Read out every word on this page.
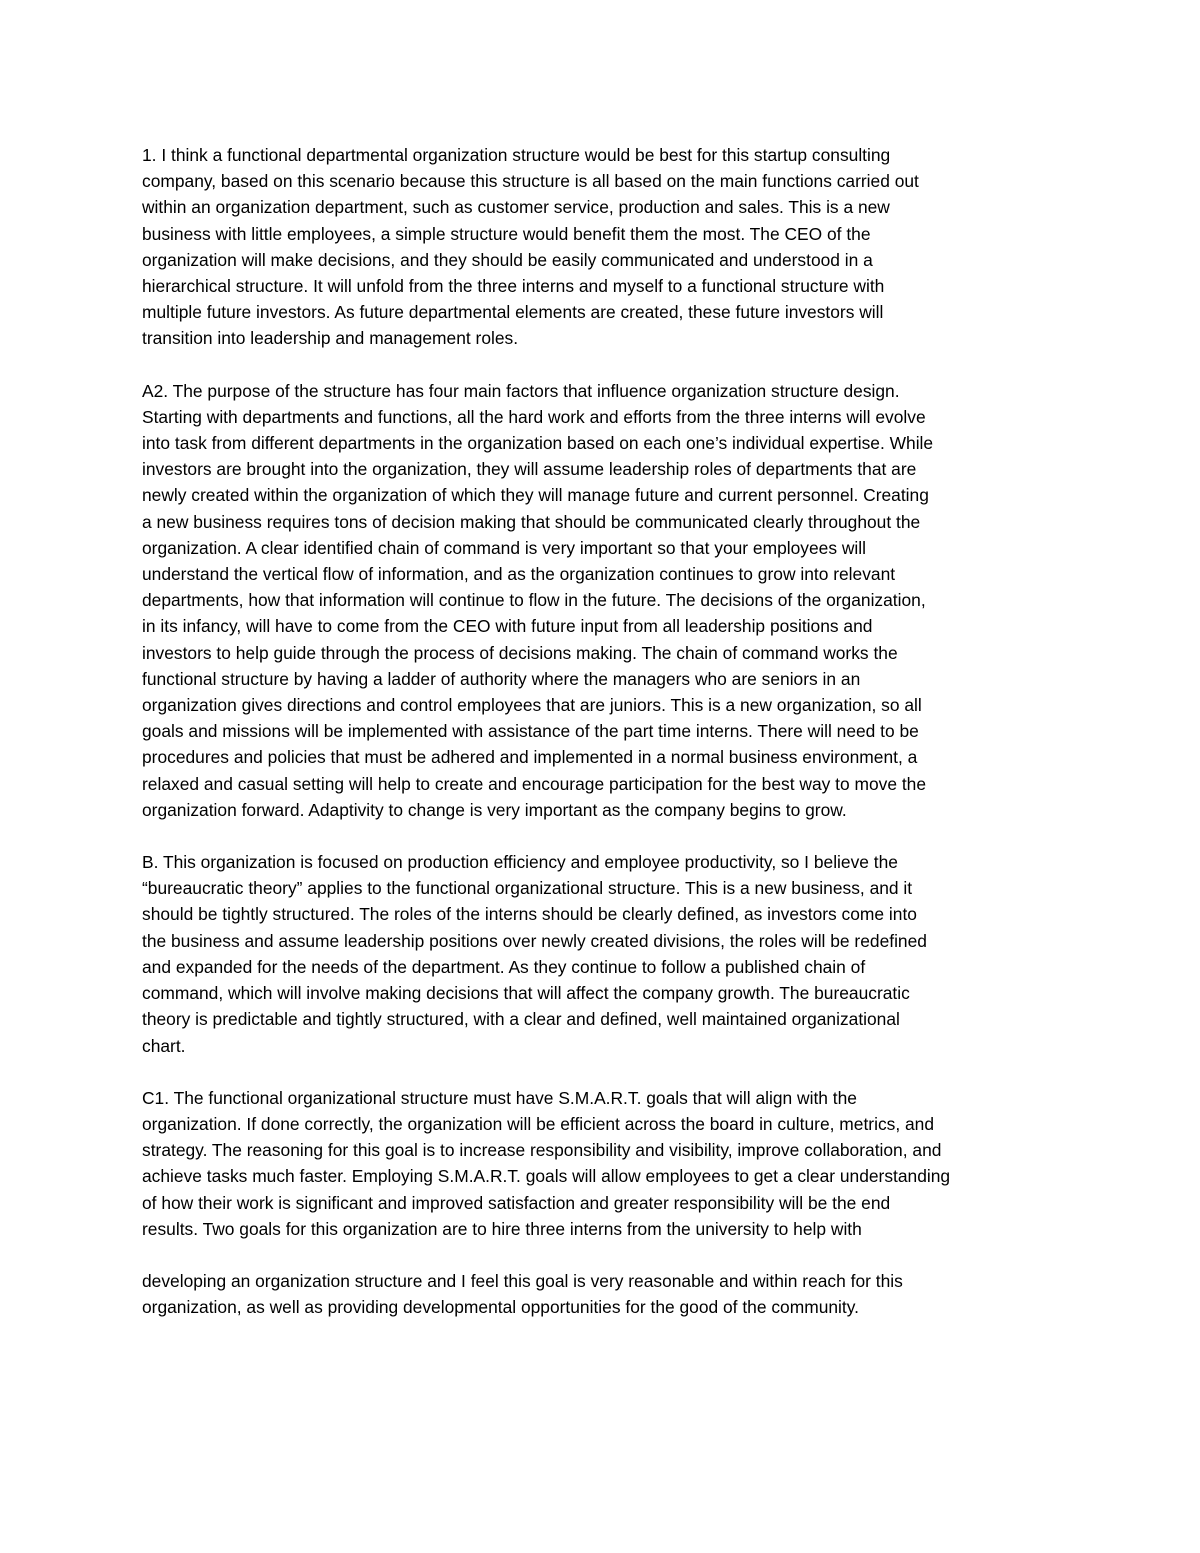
1. I think a functional departmental organization structure would be best for this startup consulting
company, based on this scenario because this structure is all based on the main functions carried out
within an organization department, such as customer service, production and sales. This is a new
business with little employees, a simple structure would benefit them the most. The CEO of the
organization will make decisions, and they should be easily communicated and understood in a
hierarchical structure. It will unfold from the three interns and myself to a functional structure with
multiple future investors. As future departmental elements are created, these future investors will
transition into leadership and management roles.

A2. The purpose of the structure has four main factors that influence organization structure design.
Starting with departments and functions, all the hard work and efforts from the three interns will evolve
into task from different departments in the organization based on each one’s individual expertise. While
investors are brought into the organization, they will assume leadership roles of departments that are
newly created within the organization of which they will manage future and current personnel. Creating
a new business requires tons of decision making that should be communicated clearly throughout the
organization. A clear identified chain of command is very important so that your employees will
understand the vertical flow of information, and as the organization continues to grow into relevant
departments, how that information will continue to flow in the future. The decisions of the organization,
in its infancy, will have to come from the CEO with future input from all leadership positions and
investors to help guide through the process of decisions making. The chain of command works the
functional structure by having a ladder of authority where the managers who are seniors in an
organization gives directions and control employees that are juniors. This is a new organization, so all
goals and missions will be implemented with assistance of the part time interns. There will need to be
procedures and policies that must be adhered and implemented in a normal business environment, a
relaxed and casual setting will help to create and encourage participation for the best way to move the
organization forward. Adaptivity to change is very important as the company begins to grow.

B. This organization is focused on production efficiency and employee productivity, so I believe the
“bureaucratic theory” applies to the functional organizational structure. This is a new business, and it
should be tightly structured. The roles of the interns should be clearly defined, as investors come into
the business and assume leadership positions over newly created divisions, the roles will be redefined
and expanded for the needs of the department. As they continue to follow a published chain of
command, which will involve making decisions that will affect the company growth. The bureaucratic
theory is predictable and tightly structured, with a clear and defined, well maintained organizational
chart.

C1. The functional organizational structure must have S.M.A.R.T. goals that will align with the
organization. If done correctly, the organization will be efficient across the board in culture, metrics, and
strategy. The reasoning for this goal is to increase responsibility and visibility, improve collaboration, and
achieve tasks much faster. Employing S.M.A.R.T. goals will allow employees to get a clear understanding
of how their work is significant and improved satisfaction and greater responsibility will be the end
results. Two goals for this organization are to hire three interns from the university to help with

developing an organization structure and I feel this goal is very reasonable and within reach for this
organization, as well as providing developmental opportunities for the good of the community.
